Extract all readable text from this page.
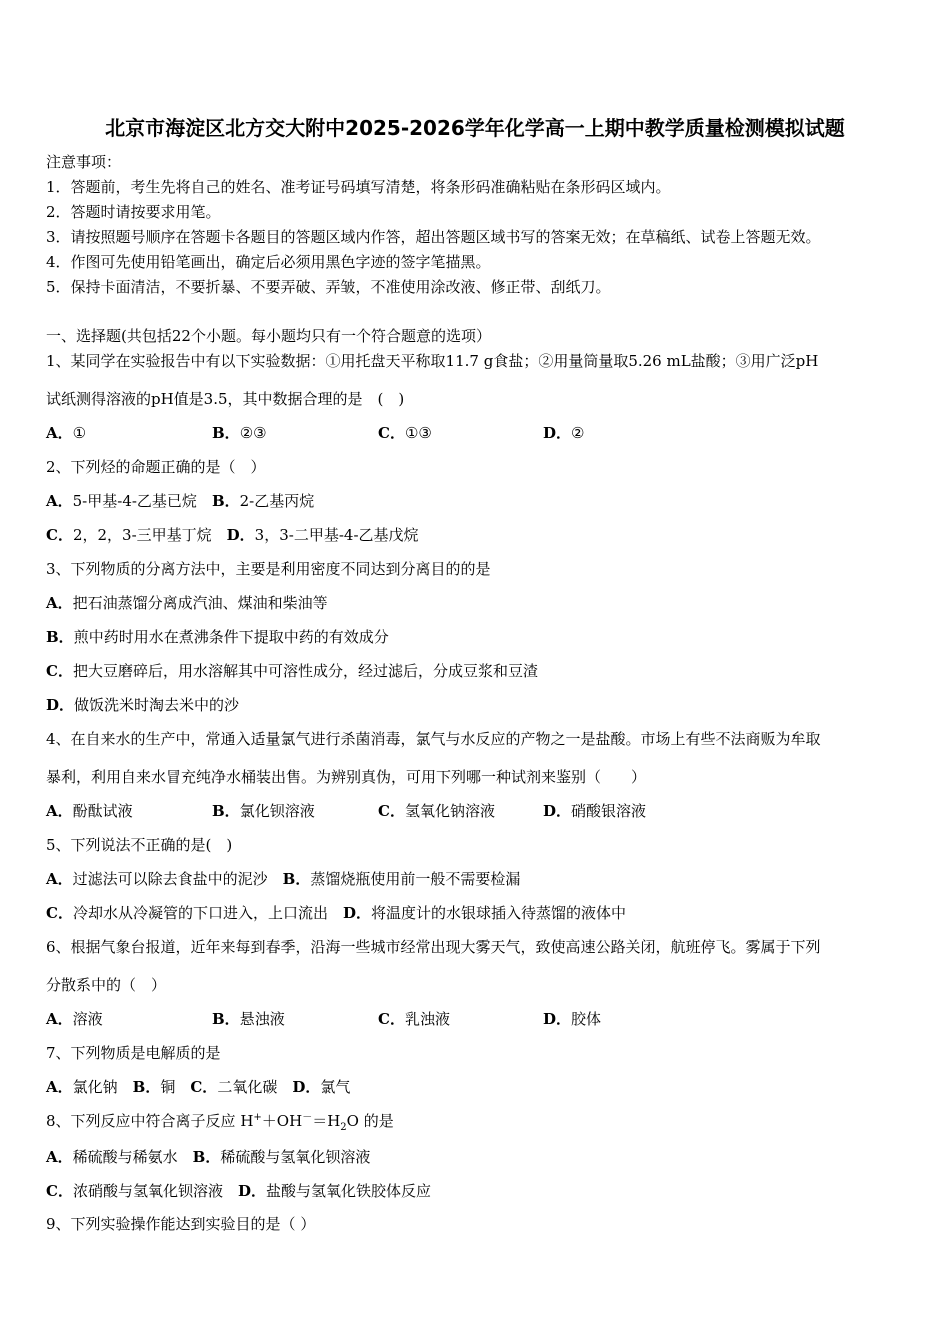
北京市海淀区北方交大附中2025-2026学年化学高一上期中教学质量检测模拟试题
注意事项：
1．答题前，考生先将自己的姓名、准考证号码填写清楚，将条形码准确粘贴在条形码区域内。
2．答题时请按要求用笔。
3．请按照题号顺序在答题卡各题目的答题区域内作答，超出答题区域书写的答案无效；在草稿纸、试卷上答题无效。
4．作图可先使用铅笔画出，确定后必须用黑色字迹的签字笔描黑。
5．保持卡面清洁，不要折暴、不要弄破、弄皱，不准使用涂改液、修正带、刮纸刀。
一、选择题(共包括22个小题。每小题均只有一个符合题意的选项）
1、某同学在实验报告中有以下实验数据：①用托盘天平称取11.7 g食盐；②用量筒量取5.26 mL盐酸；③用广泛pH
试纸测得溶液的pH值是3.5，其中数据合理的是　(　)
A．①	B．②③	C．①③	D．②
2、下列烃的命题正确的是（　）
A．5-甲基-4-乙基已烷　B．2-乙基丙烷
C．2，2，3-三甲基丁烷　D．3，3-二甲基-4-乙基戊烷
3、下列物质的分离方法中，主要是利用密度不同达到分离目的的是
A．把石油蒸馏分离成汽油、煤油和柴油等
B．煎中药时用水在煮沸条件下提取中药的有效成分
C．把大豆磨碎后，用水溶解其中可溶性成分，经过滤后，分成豆浆和豆渣
D．做饭洗米时淘去米中的沙
4、在自来水的生产中，常通入适量氯气进行杀菌消毒，氯气与水反应的产物之一是盐酸。市场上有些不法商贩为牟取
暴利，利用自来水冒充纯净水桶装出售。为辨别真伪，可用下列哪一种试剂来鉴别（　　）
A．酚酞试液	B．氯化钡溶液	C．氢氧化钠溶液	D．硝酸银溶液
5、下列说法不正确的是(　)
A．过滤法可以除去食盐中的泥沙　B．蒸馏烧瓶使用前一般不需要检漏
C．冷却水从冷凝管的下口进入，上口流出　D．将温度计的水银球插入待蒸馏的液体中
6、根据气象台报道，近年来每到春季，沿海一些城市经常出现大雾天气，致使高速公路关闭，航班停飞。雾属于下列
分散系中的（　）
A．溶液	B．悬浊液	C．乳浊液	D．胶体
7、下列物质是电解质的是
A．氯化钠　B．铜　C．二氧化碳　D．氯气
8、下列反应中符合离子反应 $H^++OH^-=H_2O$ 的是
A．稀硫酸与稀氨水　B．稀硫酸与氢氧化钡溶液
C．浓硝酸与氢氧化钡溶液　D．盐酸与氢氧化铁胶体反应
9、下列实验操作能达到实验目的是（ ）
